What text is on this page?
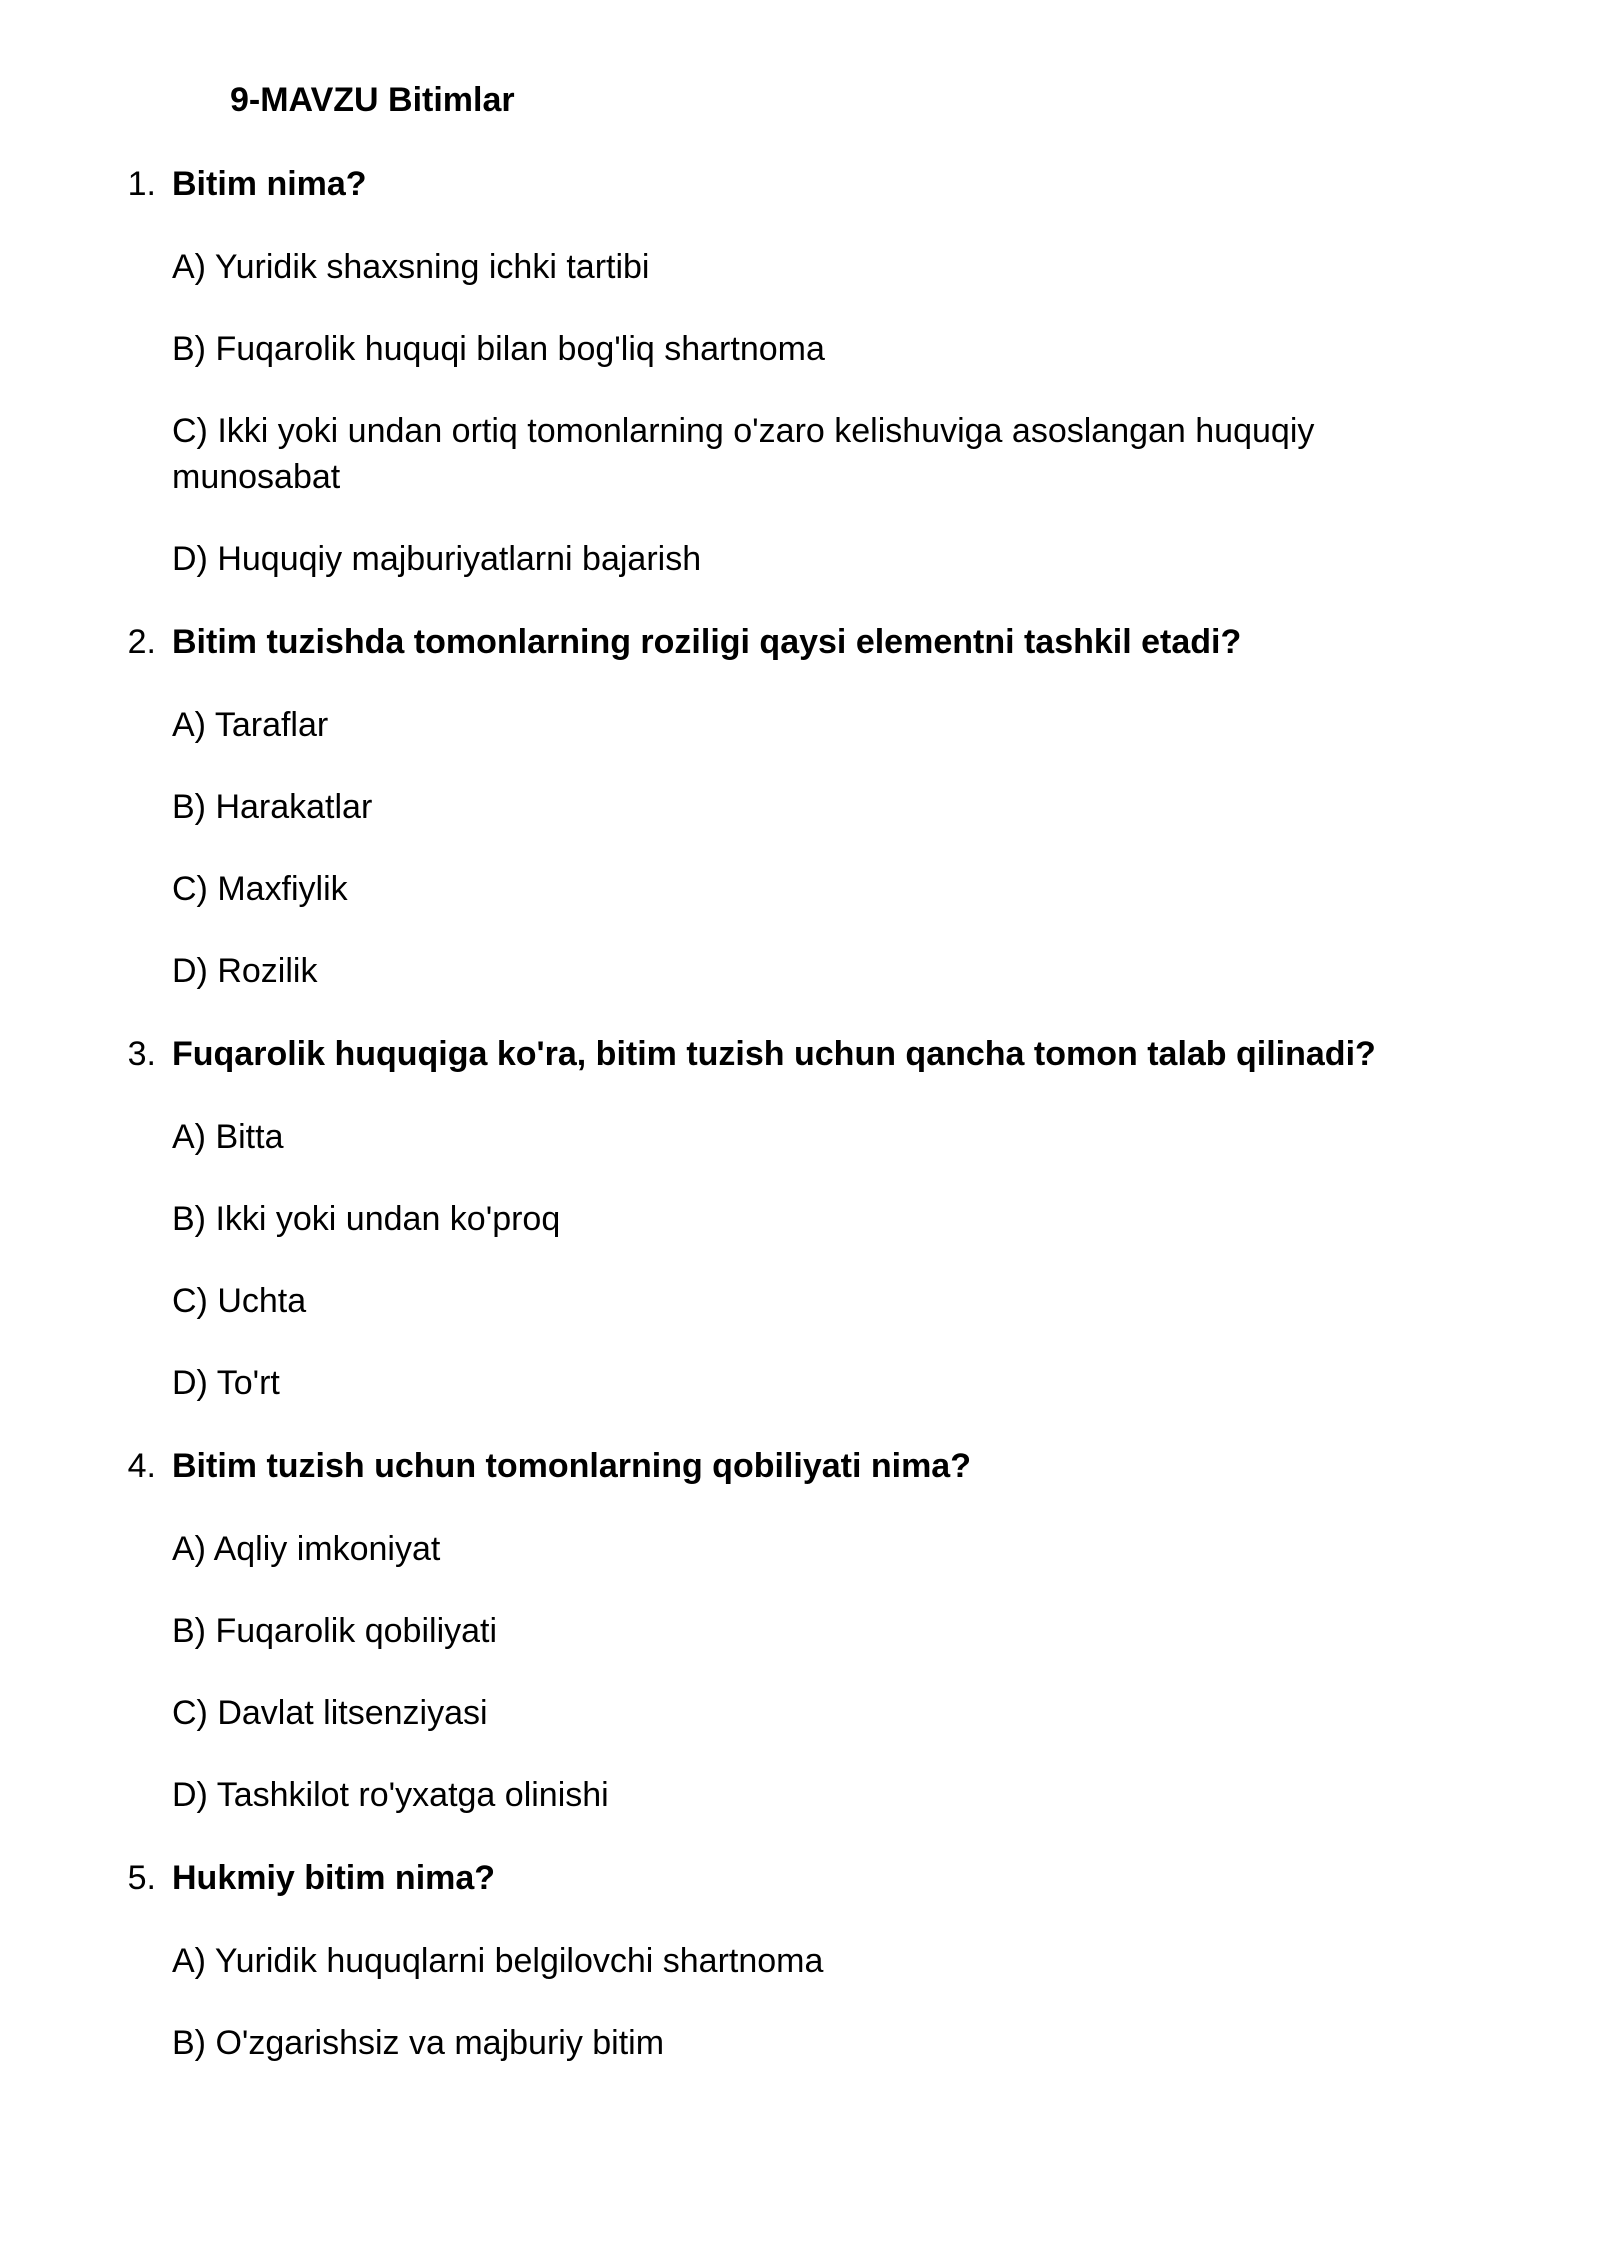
9-MAVZU Bitimlar
1. Bitim nima?
A) Yuridik shaxsning ichki tartibi
B) Fuqarolik huquqi bilan bog'liq shartnoma
C) Ikki yoki undan ortiq tomonlarning o'zaro kelishuviga asoslangan huquqiy munosabat
D) Huquqiy majburiyatlarni bajarish
2. Bitim tuzishda tomonlarning roziligi qaysi elementni tashkil etadi?
A) Taraflar
B) Harakatlar
C) Maxfiylik
D) Rozilik
3. Fuqarolik huquqiga ko'ra, bitim tuzish uchun qancha tomon talab qilinadi?
A) Bitta
B) Ikki yoki undan ko'proq
C) Uchta
D) To'rt
4. Bitim tuzish uchun tomonlarning qobiliyati nima?
A) Aqliy imkoniyat
B) Fuqarolik qobiliyati
C) Davlat litsenziyasi
D) Tashkilot ro'yxatga olinishi
5. Hukmiy bitim nima?
A) Yuridik huquqlarni belgilovchi shartnoma
B) O'zgarishsiz va majburiy bitim
